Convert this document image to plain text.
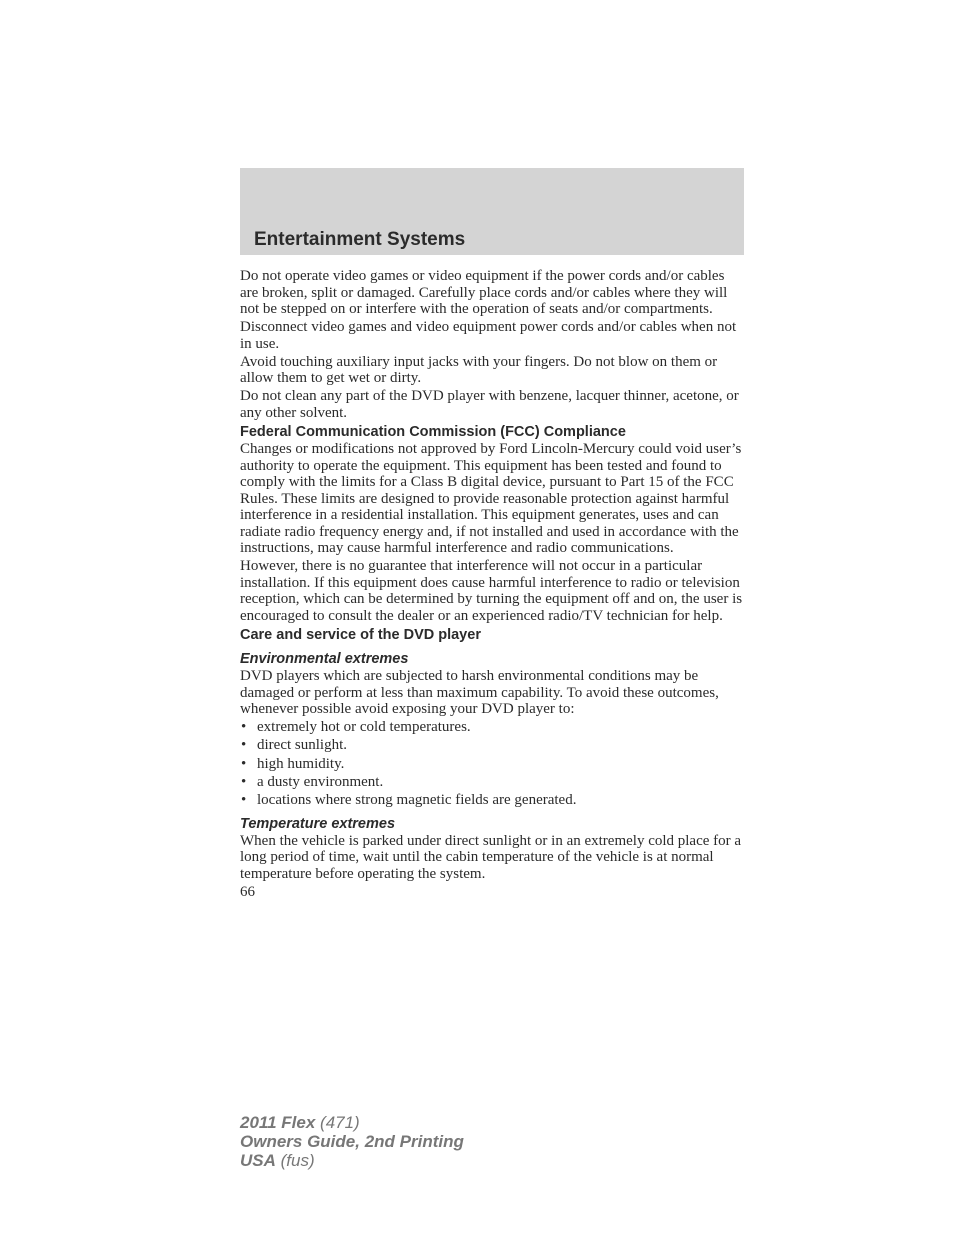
Entertainment Systems

Do not operate video games or video equipment if the power cords and/or cables are broken, split or damaged. Carefully place cords and/or cables where they will not be stepped on or interfere with the operation of seats and/or compartments.

Disconnect video games and video equipment power cords and/or cables when not in use.

Avoid touching auxiliary input jacks with your fingers. Do not blow on them or allow them to get wet or dirty.

Do not clean any part of the DVD player with benzene, lacquer thinner, acetone, or any other solvent.

Federal Communication Commission (FCC) Compliance

Changes or modifications not approved by Ford Lincoln-Mercury could void user’s authority to operate the equipment. This equipment has been tested and found to comply with the limits for a Class B digital device, pursuant to Part 15 of the FCC Rules. These limits are designed to provide reasonable protection against harmful interference in a residential installation. This equipment generates, uses and can radiate radio frequency energy and, if not installed and used in accordance with the instructions, may cause harmful interference and radio communications.

However, there is no guarantee that interference will not occur in a particular installation. If this equipment does cause harmful interference to radio or television reception, which can be determined by turning the equipment off and on, the user is encouraged to consult the dealer or an experienced radio/TV technician for help.

Care and service of the DVD player
Environmental extremes

DVD players which are subjected to harsh environmental conditions may be damaged or perform at less than maximum capability. To avoid these outcomes, whenever possible avoid exposing your DVD player to:

• extremely hot or cold temperatures.
• direct sunlight.
• high humidity.
• a dusty environment.
• locations where strong magnetic fields are generated.
Temperature extremes

When the vehicle is parked under direct sunlight or in an extremely cold place for a long period of time, wait until the cabin temperature of the vehicle is at normal temperature before operating the system.

66
2011 Flex (471)
Owners Guide, 2nd Printing
USA (fus)
